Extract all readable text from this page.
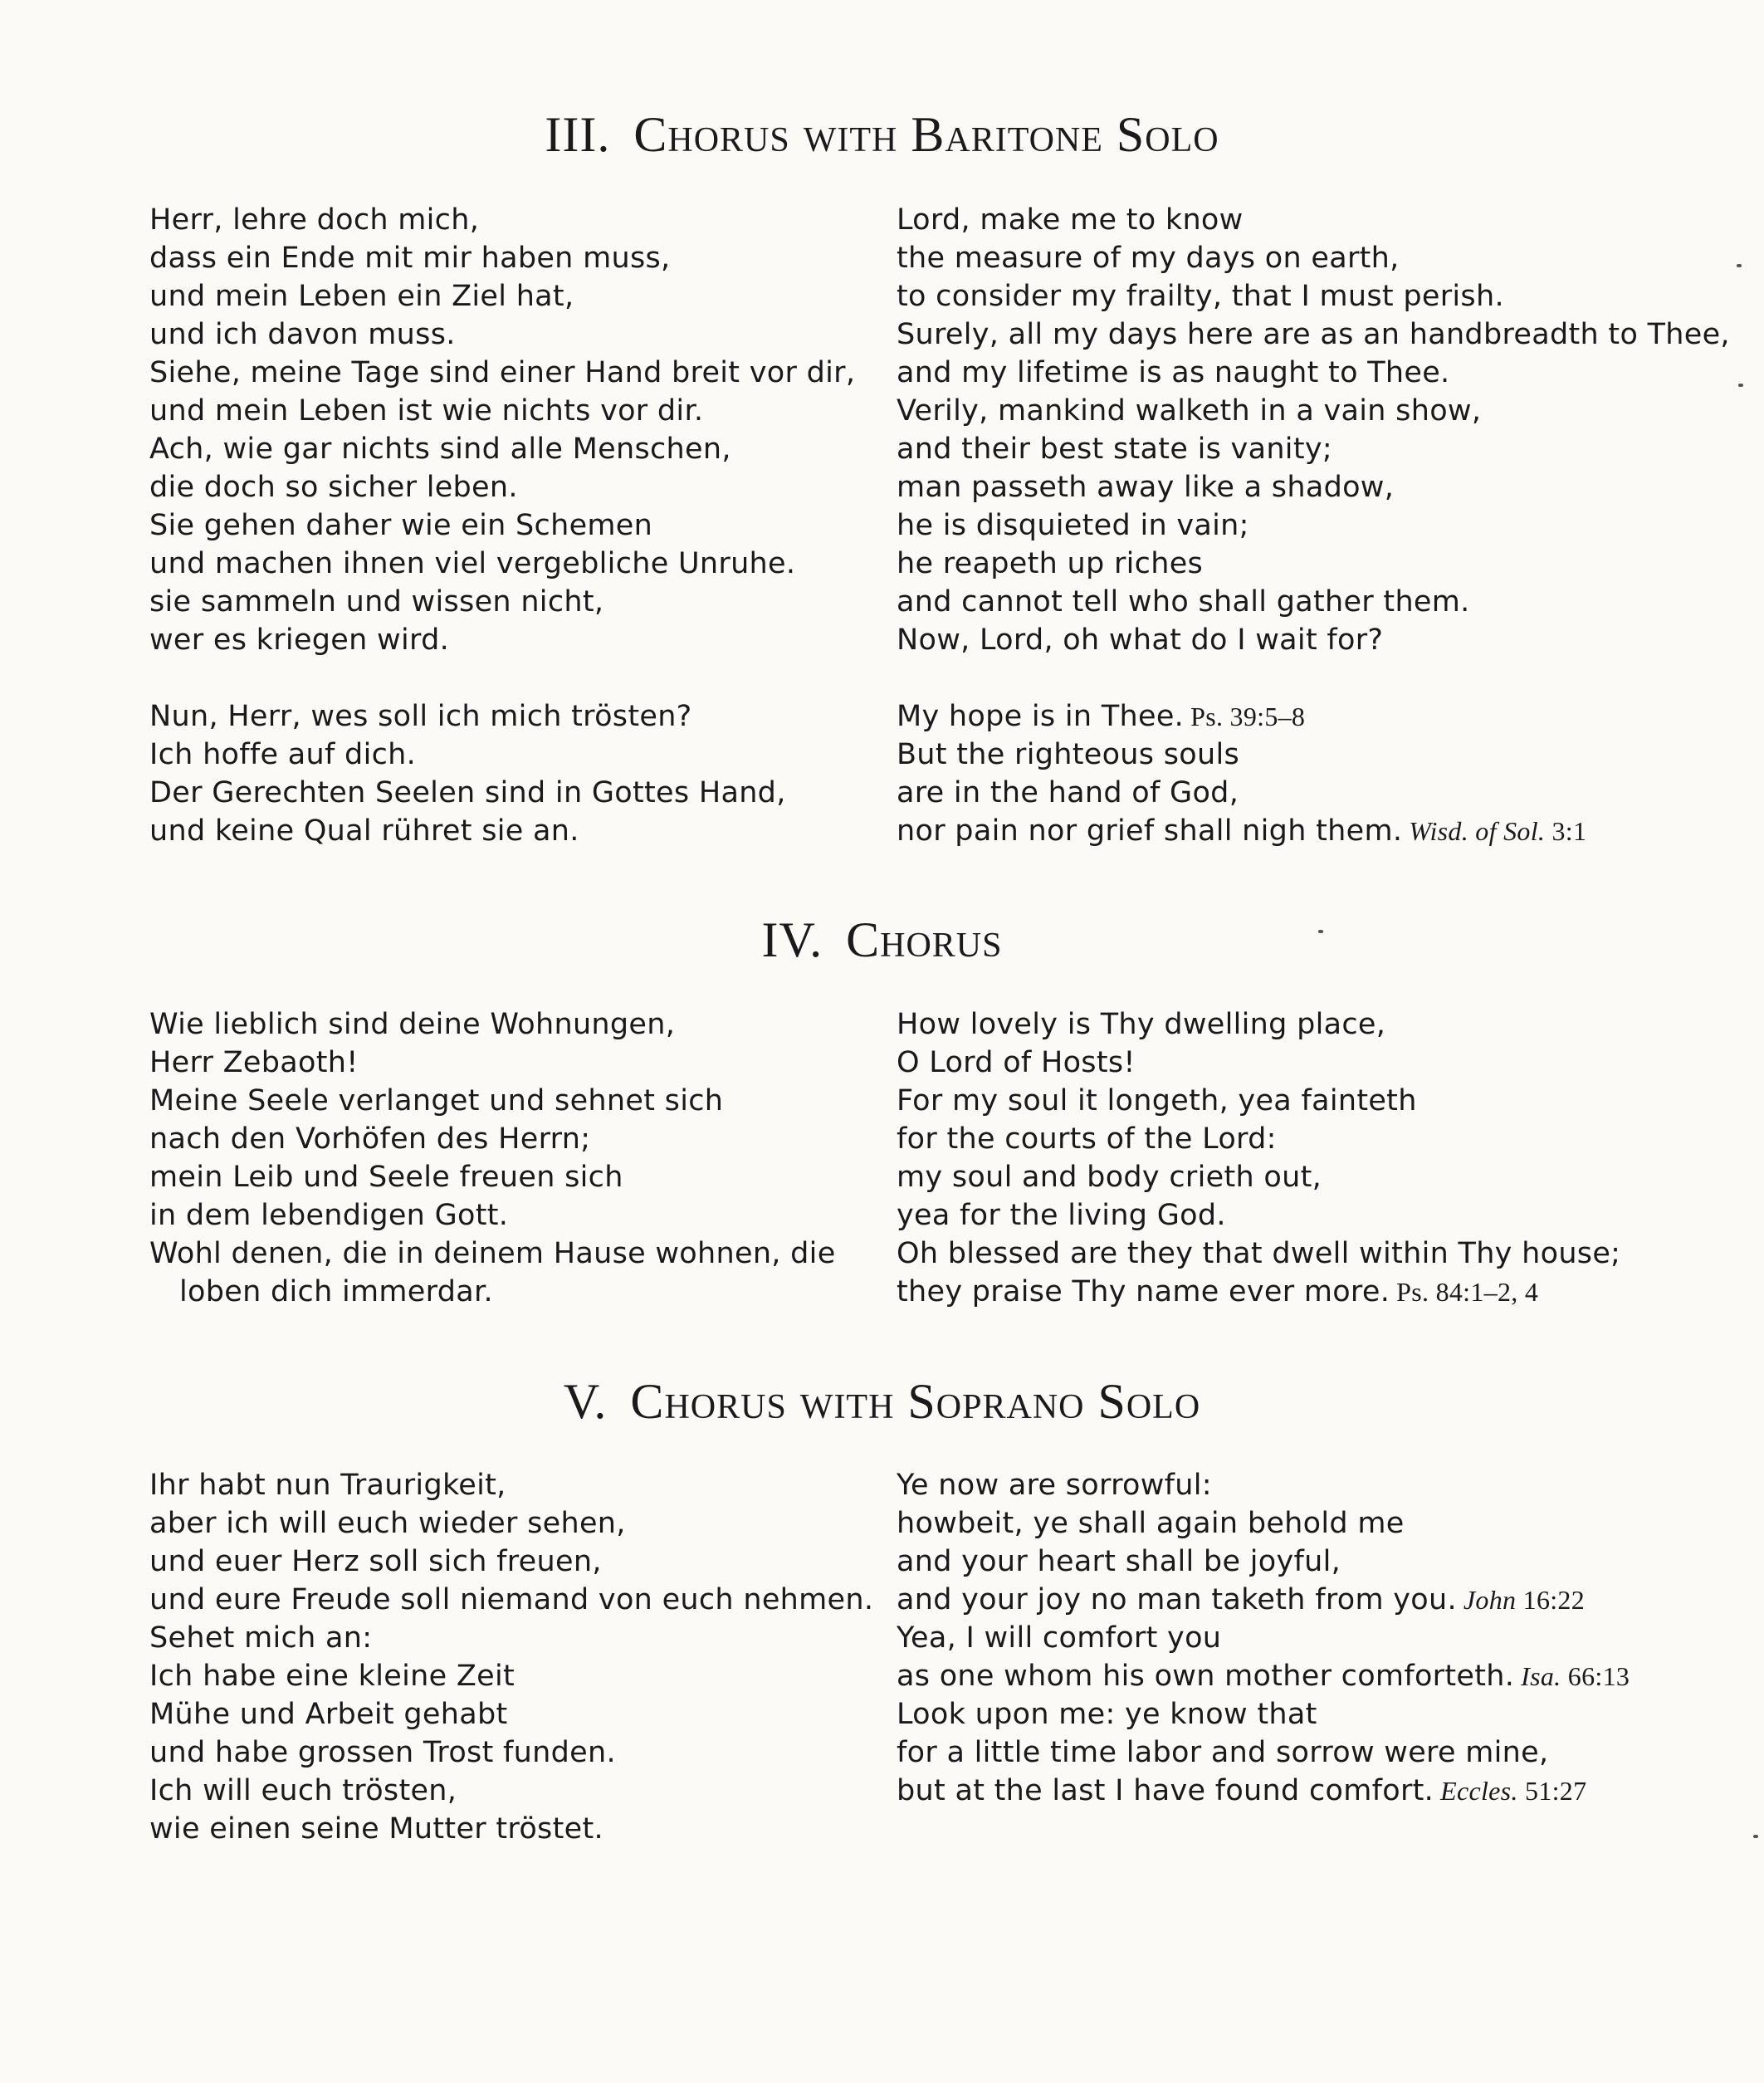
III. Chorus with Baritone Solo
Herr, lehre doch mich,
dass ein Ende mit mir haben muss,
und mein Leben ein Ziel hat,
und ich davon muss.
Siehe, meine Tage sind einer Hand breit vor dir,
und mein Leben ist wie nichts vor dir.
Ach, wie gar nichts sind alle Menschen,
die doch so sicher leben.
Sie gehen daher wie ein Schemen
und machen ihnen viel vergebliche Unruhe.
sie sammeln und wissen nicht,
wer es kriegen wird.
Nun, Herr, wes soll ich mich trösten?
Ich hoffe auf dich.
Der Gerechten Seelen sind in Gottes Hand,
und keine Qual rühret sie an.
Lord, make me to know
the measure of my days on earth,
to consider my frailty, that I must perish.
Surely, all my days here are as an handbreadth to Thee,
and my lifetime is as naught to Thee.
Verily, mankind walketh in a vain show,
and their best state is vanity;
man passeth away like a shadow,
he is disquieted in vain;
he reapeth up riches
and cannot tell who shall gather them.
Now, Lord, oh what do I wait for?
My hope is in Thee. Ps. 39:5–8
But the righteous souls
are in the hand of God,
nor pain nor grief shall nigh them. Wisd. of Sol. 3:1
IV. Chorus
Wie lieblich sind deine Wohnungen,
Herr Zebaoth!
Meine Seele verlanget und sehnet sich
nach den Vorhöfen des Herrn;
mein Leib und Seele freuen sich
in dem lebendigen Gott.
Wohl denen, die in deinem Hause wohnen, die
loben dich immerdar.
How lovely is Thy dwelling place,
O Lord of Hosts!
For my soul it longeth, yea fainteth
for the courts of the Lord:
my soul and body crieth out,
yea for the living God.
Oh blessed are they that dwell within Thy house;
they praise Thy name ever more. Ps. 84:1–2, 4
V. Chorus with Soprano Solo
Ihr habt nun Traurigkeit,
aber ich will euch wieder sehen,
und euer Herz soll sich freuen,
und eure Freude soll niemand von euch nehmen.
Sehet mich an:
Ich habe eine kleine Zeit
Mühe und Arbeit gehabt
und habe grossen Trost funden.
Ich will euch trösten,
wie einen seine Mutter tröstet.
Ye now are sorrowful:
howbeit, ye shall again behold me
and your heart shall be joyful,
and your joy no man taketh from you. John 16:22
Yea, I will comfort you
as one whom his own mother comforteth. Isa. 66:13
Look upon me: ye know that
for a little time labor and sorrow were mine,
but at the last I have found comfort. Eccles. 51:27
